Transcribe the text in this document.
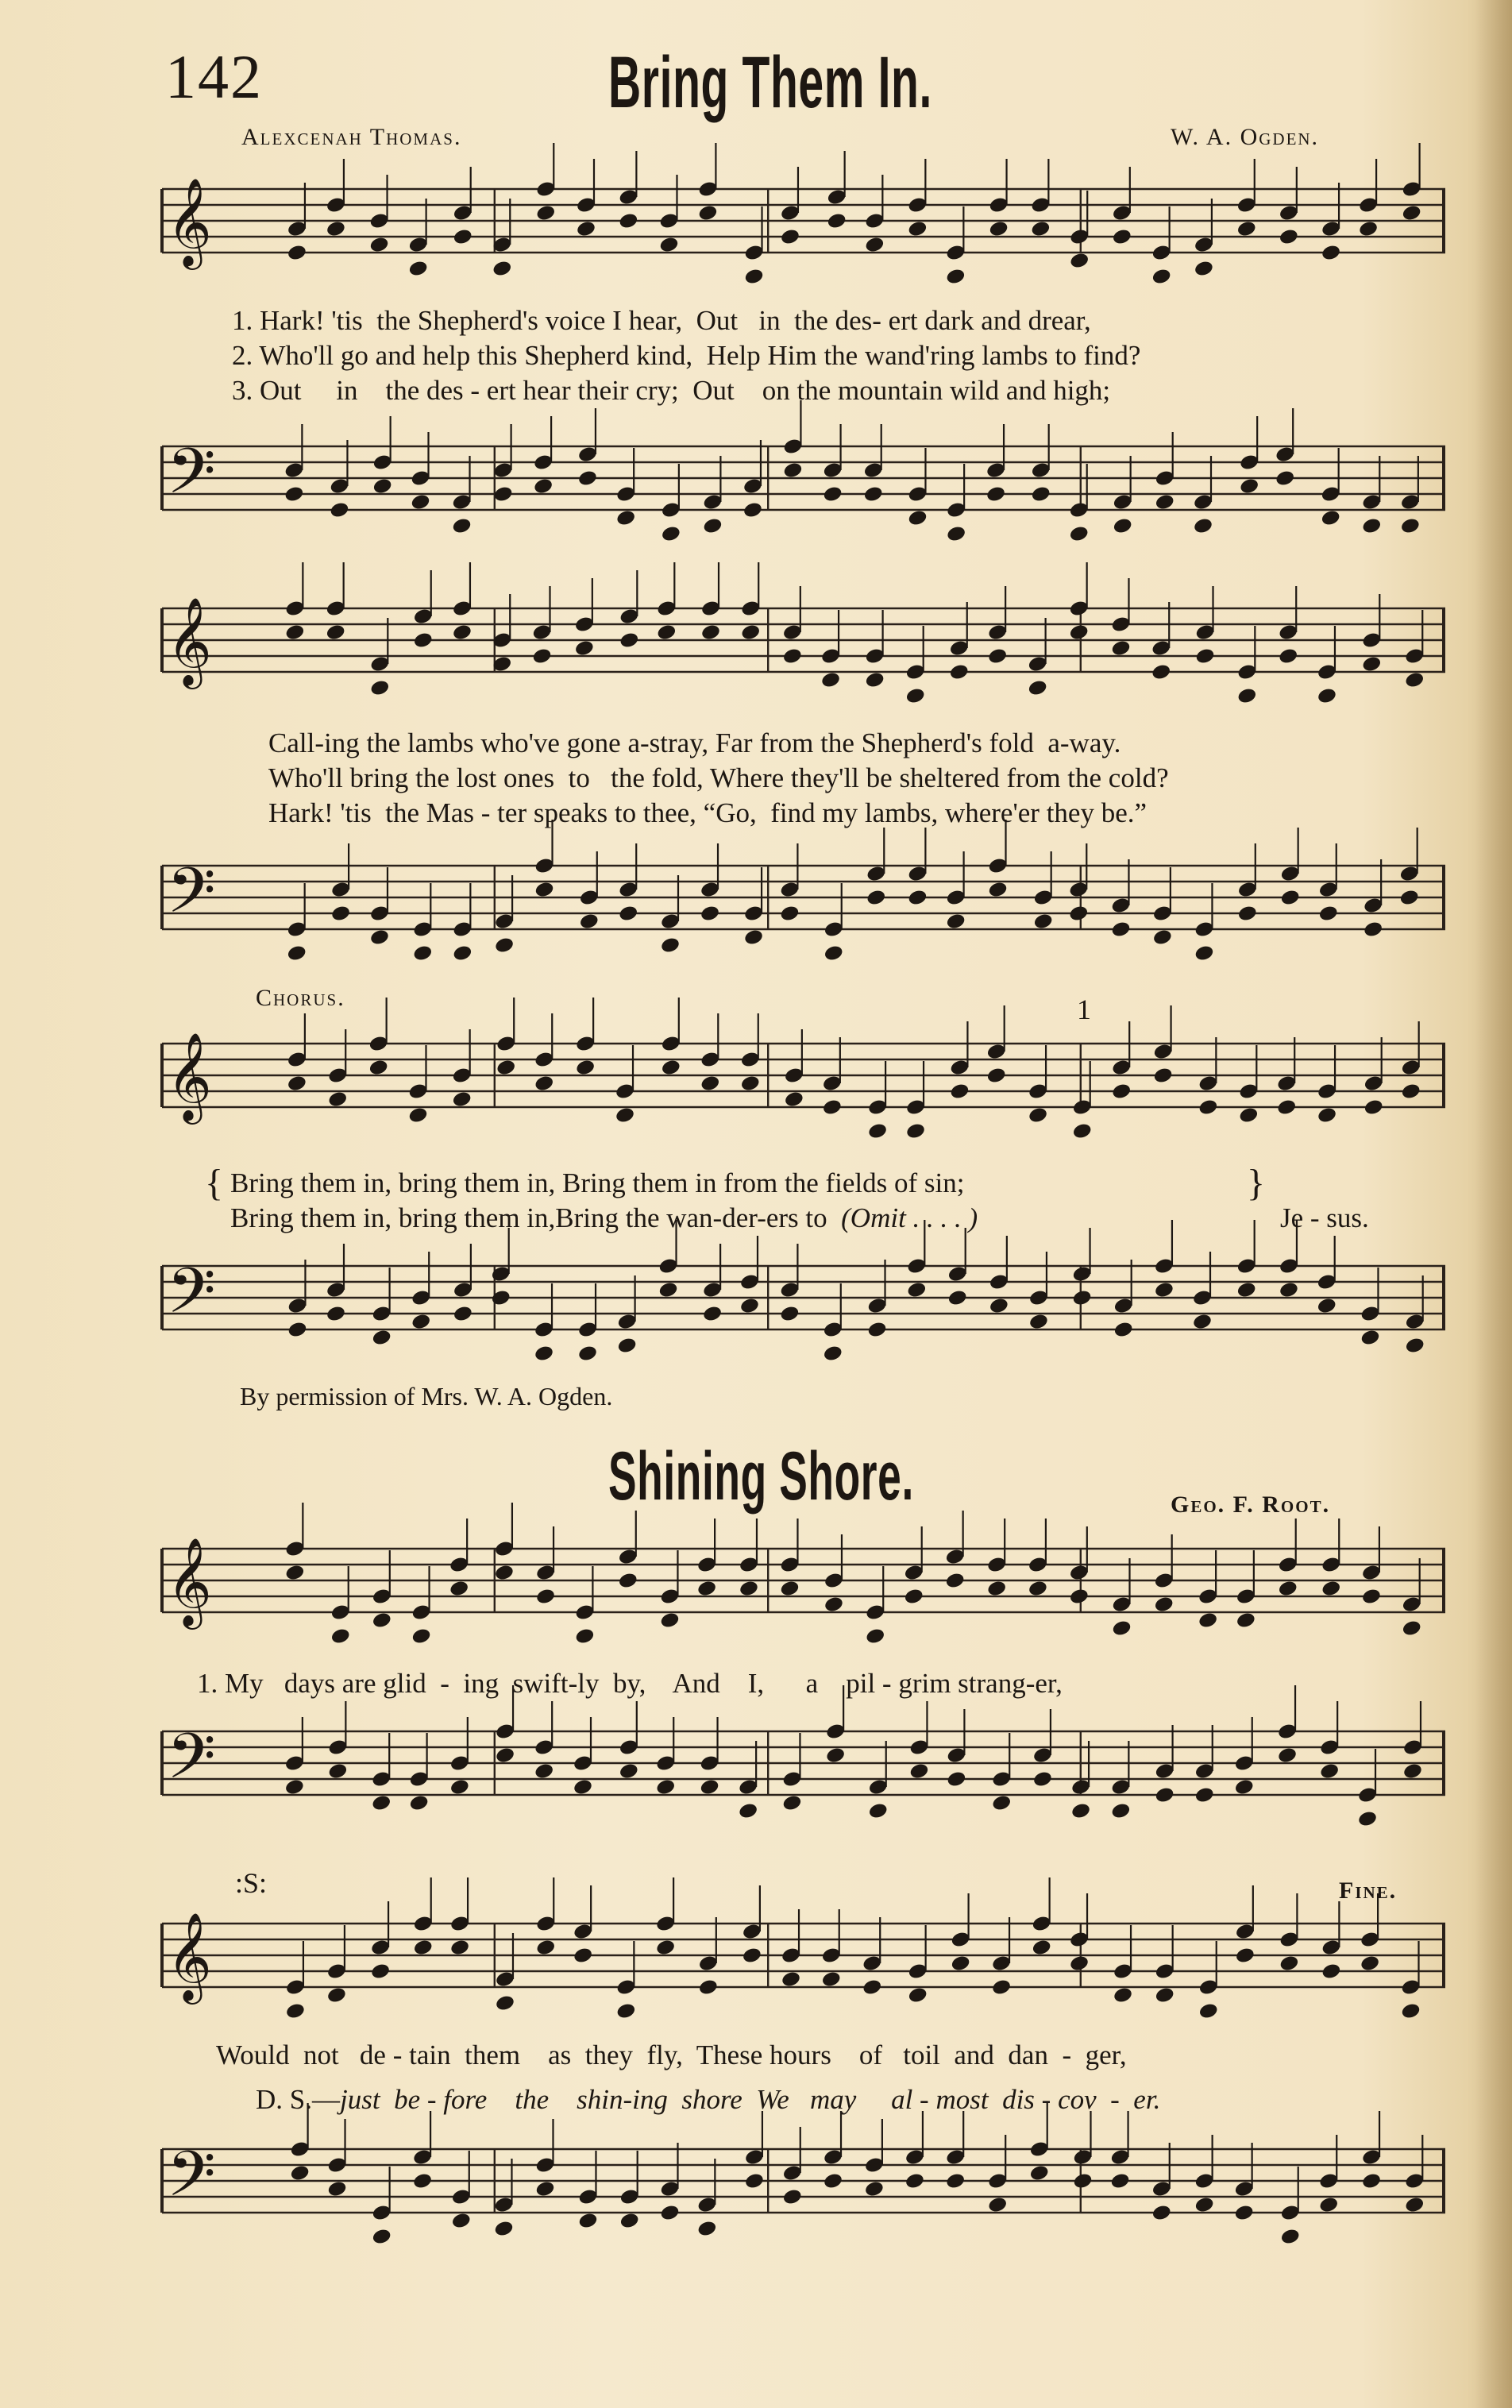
142	Bring Them In.
Alexcenah Thomas.	W. A. Ogden.
𝄞
1. Hark! 'tis  the Shepherd's voice I hear,  Out   in  the des- ert dark and drear,
2. Who'll go and help this Shepherd kind,  Help Him the wand'ring lambs to find?
3. Out     in    the des - ert hear their cry;  Out    on the mountain wild and high;
𝄢
𝄞
Call-ing the lambs who've gone a-stray, Far from the Shepherd's fold  a-way.
Who'll bring the lost ones  to   the fold, Where they'll be sheltered from the cold?
Hark! 'tis  the Mas - ter speaks to thee, “Go,  find my lambs, where'er they be.”
𝄢
Chorus.	1
𝄞
{ Bring them in, bring them in, Bring them in from the fields of sin;
Bring them in, bring them in,Bring the wan-der-ers to (Omit . . . . )
}
Je - sus.
𝄢
By permission of Mrs. W. A. Ogden.
Shining Shore.	Geo. F. Root.
𝄞
1. My   days are glid  -  ing  swift-ly  by,    And    I,      a    pil - grim strang-er,
𝄢
:S:	Fine.
𝄞
Would  not   de - tain  them    as  they  fly,  These hours    of   toil  and  dan  -  ger,
D. S.—just  be - fore    the    shin-ing  shore  We   may     al - most  dis - cov  -  er.
𝄢
